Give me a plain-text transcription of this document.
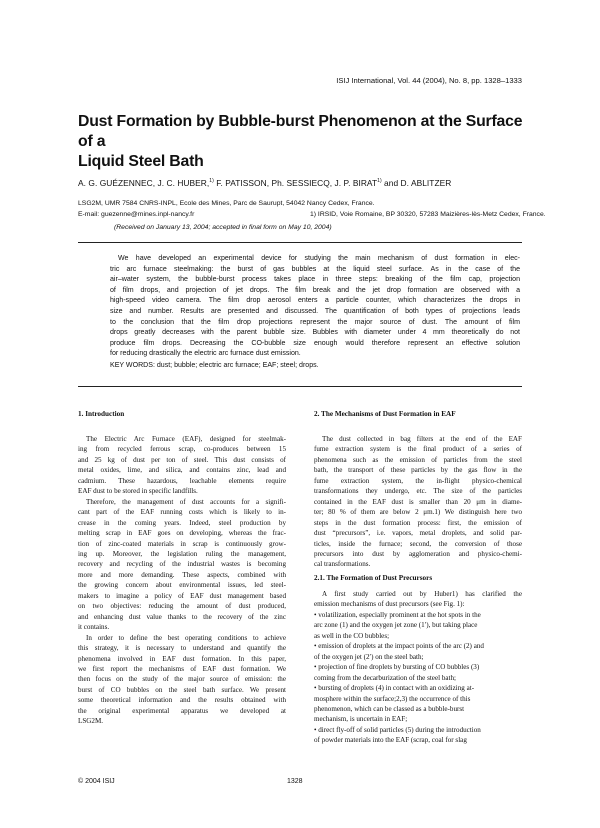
ISIJ International, Vol. 44 (2004), No. 8, pp. 1328–1333
Dust Formation by Bubble-burst Phenomenon at the Surface of a
Liquid Steel Bath
A. G. GUÉZENNEC, J. C. HUBER,$^{1)}$ F. PATISSON, Ph. SESSIECQ, J. P. BIRAT$^{1)}$ and D. ABLITZER
LSG2M, UMR 7584 CNRS-INPL, Ecole des Mines, Parc de Saurupt, 54042 Nancy Cedex, France.
E-mail: guezenne@mines.inpl-nancy.fr	1) IRSID, Voie Romaine, BP 30320, 57283 Maizières-lès-Metz Cedex, France.
(Received on January 13, 2004; accepted in final form on May 10, 2004)
We have developed an experimental device for studying the main mechanism of dust formation in elec-
tric arc furnace steelmaking: the burst of gas bubbles at the liquid steel surface. As in the case of the
air–water system, the bubble-burst process takes place in three steps: breaking of the film cap, projection
of film drops, and projection of jet drops. The film break and the jet drop formation are observed with a
high-speed video camera. The film drop aerosol enters a particle counter, which characterizes the drops in
size and number. Results are presented and discussed. The quantification of both types of projections leads
to the conclusion that the film drop projections represent the major source of dust. The amount of film
drops greatly decreases with the parent bubble size. Bubbles with diameter under 4 mm theoretically do not
produce film drops. Decreasing the CO-bubble size enough would therefore represent an effective solution
for reducing drastically the electric arc furnace dust emission.
KEY WORDS: dust; bubble; electric arc furnace; EAF; steel; drops.
1. Introduction	2. The Mechanisms of Dust Formation in EAF
2.1. The Formation of Dust Precursors
The Electric Arc Furnace (EAF), designed for steelmak-
ing from recycled ferrous scrap, co-produces between 15
and 25 kg of dust per ton of steel. This dust consists of
metal oxides, lime, and silica, and contains zinc, lead and
cadmium. These hazardous, leachable elements require
EAF dust to be stored in specific landfills.
Therefore, the management of dust accounts for a signifi-
cant part of the EAF running costs which is likely to in-
crease in the coming years. Indeed, steel production by
melting scrap in EAF goes on developing, whereas the frac-
tion of zinc-coated materials in scrap is continuously grow-
ing up. Moreover, the legislation ruling the management,
recovery and recycling of the industrial wastes is becoming
more and more demanding. These aspects, combined with
the growing concern about environmental issues, led steel-
makers to imagine a policy of EAF dust management based
on two objectives: reducing the amount of dust produced,
and enhancing dust value thanks to the recovery of the zinc
it contains.
In order to define the best operating conditions to achieve
this strategy, it is necessary to understand and quantify the
phenomena involved in EAF dust formation. In this paper,
we first report the mechanisms of EAF dust formation. We
then focus on the study of the major source of emission: the
burst of CO bubbles on the steel bath surface. We present
some theoretical information and the results obtained with
the original experimental apparatus we developed at
LSG2M.
The dust collected in bag filters at the end of the EAF
fume extraction system is the final product of a series of
phenomena such as the emission of particles from the steel
bath, the transport of these particles by the gas flow in the
fume extraction system, the in-flight physico-chemical
transformations they undergo, etc. The size of the particles
contained in the EAF dust is smaller than 20 μm in diame-
ter; 80 % of them are below 2 μm.1) We distinguish here two
steps in the dust formation process: first, the emission of
dust “precursors”, i.e. vapors, metal droplets, and solid par-
ticles, inside the furnace; second, the conversion of those
precursors into dust by agglomeration and physico-chemi-
cal transformations.
A first study carried out by Huber1) has clarified the
emission mechanisms of dust precursors (see Fig. 1):
• volatilization, especially prominent at the hot spots in the
arc zone (1) and the oxygen jet zone (1′), but taking place
as well in the CO bubbles;
• emission of droplets at the impact points of the arc (2) and
of the oxygen jet (2′) on the steel bath;
• projection of fine droplets by bursting of CO bubbles (3)
coming from the decarburization of the steel bath;
• bursting of droplets (4) in contact with an oxidizing at-
mosphere within the surface;2,3) the occurrence of this
phenomenon, which can be classed as a bubble-burst
mechanism, is uncertain in EAF;
• direct fly-off of solid particles (5) during the introduction
of powder materials into the EAF (scrap, coal for slag
© 2004 ISIJ	1328
